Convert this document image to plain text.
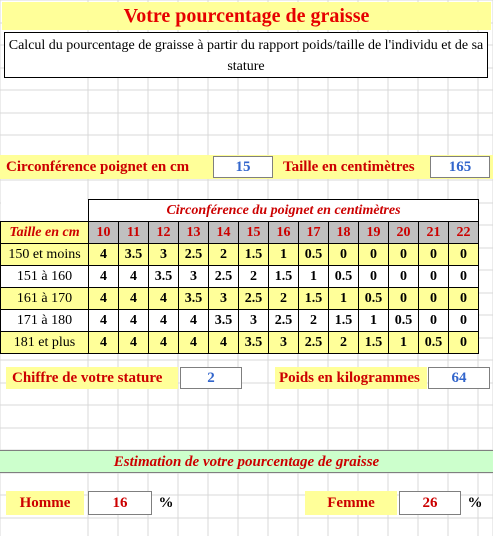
Votre pourcentage de graisse
Calcul du pourcentage de graisse à partir du rapport poids/taille de l'individu et de sa stature
Circonférence poignet en cm	15	Taille en centimètres	165
	Circonférence du poignet en centimètres												
Taille en cm	10	11	12	13	14	15	16	17	18	19	20	21	22
150 et moins	4	3.5	3	2.5	2	1.5	1	0.5	0	0	0	0	0
151 à 160	4	4	3.5	3	2.5	2	1.5	1	0.5	0	0	0	0
161 à 170	4	4	4	3.5	3	2.5	2	1.5	1	0.5	0	0	0
171 à 180	4	4	4	4	3.5	3	2.5	2	1.5	1	0.5	0	0
181 et plus	4	4	4	4	4	3.5	3	2.5	2	1.5	1	0.5	0
Chiffre de votre stature	2	Poids en kilogrammes	64
Estimation de votre pourcentage de graisse
Homme	16	%	Femme	26	%
